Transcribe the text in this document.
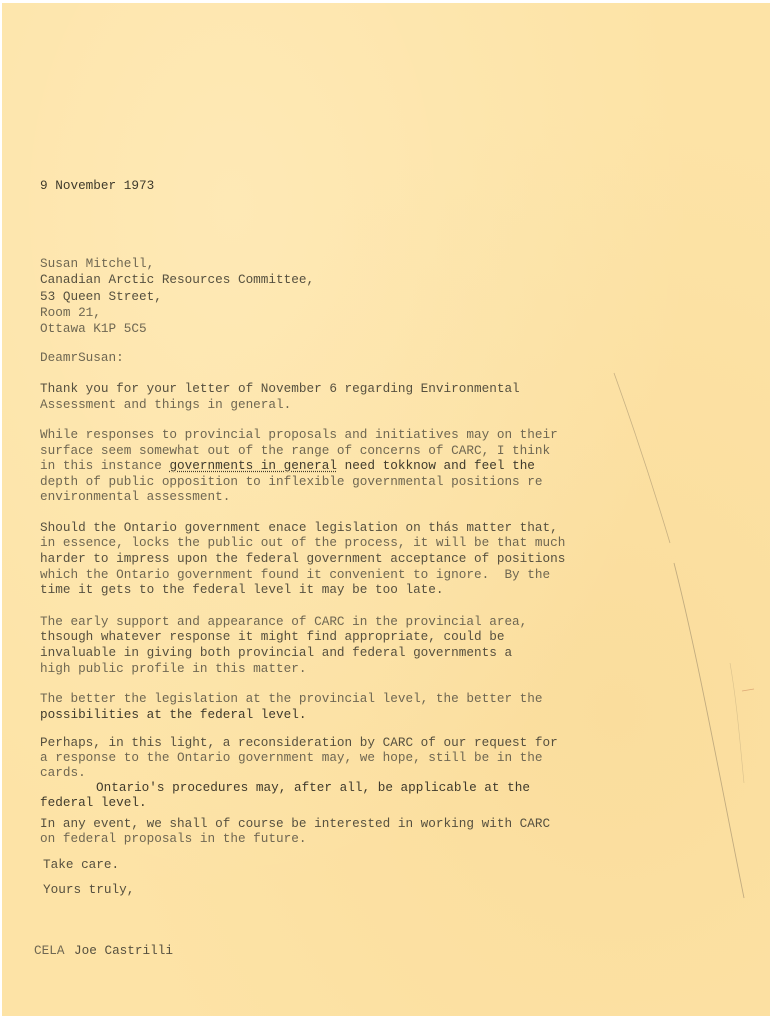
9 November 1973
Susan Mitchell,
Canadian Arctic Resources Committee,
53 Queen Street,
Room 21,
Ottawa K1P 5C5
DeamrSusan:
Thank you for your letter of November 6 regarding Environmental
Assessment and things in general.
While responses to provincial proposals and initiatives may on their
surface seem somewhat out of the range of concerns of CARC, I think
in this instance governments in general need tokknow and feel the
depth of public opposition to inflexible governmental positions re
environmental assessment.
Should the Ontario government enace legislation on thás matter that,
in essence, locks the public out of the process, it will be that much
harder to impress upon the federal government acceptance of positions
which the Ontario government found it convenient to ignore.  By the
time it gets to the federal level it may be too late.
The early support and appearance of CARC in the provincial area,
thsough whatever response it might find appropriate, could be
invaluable in giving both provincial and federal governments a
high public profile in this matter.
The better the legislation at the provincial level, the better the
possibilities at the federal level.
Perhaps, in this light, a reconsideration by CARC of our request for
a response to the Ontario government may, we hope, still be in the
cards.
Ontario's procedures may, after all, be applicable at the
federal level.
In any event, we shall of course be interested in working with CARC
on federal proposals in the future.
Take care.
Yours truly,
CELA Joe Castrilli
